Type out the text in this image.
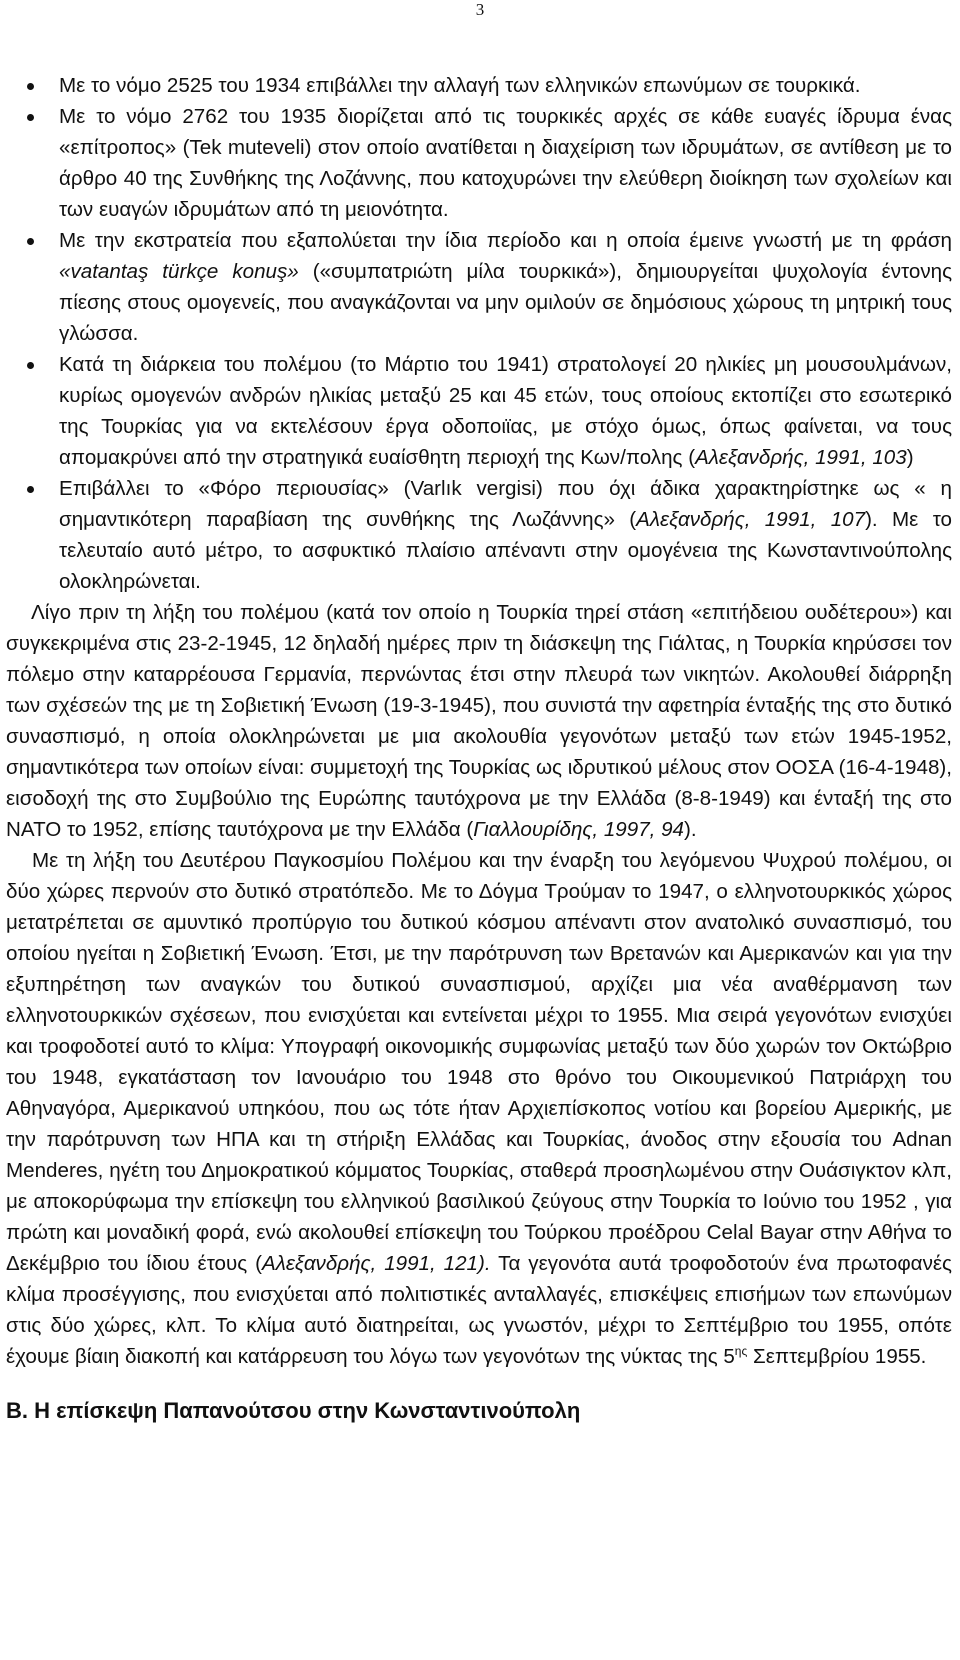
3
Με το νόμο 2525 του 1934 επιβάλλει την αλλαγή των ελληνικών επωνύμων σε τουρκικά.
Με το νόμο 2762 του 1935 διορίζεται από τις τουρκικές αρχές σε κάθε ευαγές ίδρυμα ένας «επίτροπος» (Tek muteveli) στον οποίο ανατίθεται η διαχείριση των ιδρυμάτων, σε αντίθεση με το άρθρο 40 της Συνθήκης της Λοζάννης, που κατοχυρώνει την ελεύθερη διοίκηση των σχολείων και των ευαγών ιδρυμάτων από τη μειονότητα.
Με την εκστρατεία που εξαπολύεται την ίδια περίοδο και η οποία έμεινε γνωστή με τη φράση «vatantaş türkçe konuş» («συμπατριώτη μίλα τουρκικά»), δημιουργείται ψυχολογία έντονης πίεσης στους ομογενείς, που αναγκάζονται να μην ομιλούν σε δημόσιους χώρους τη μητρική τους γλώσσα.
Κατά τη διάρκεια του πολέμου (το Μάρτιο του 1941) στρατολογεί 20 ηλικίες μη μουσουλμάνων, κυρίως ομογενών ανδρών ηλικίας μεταξύ 25 και 45 ετών, τους οποίους εκτοπίζει στο εσωτερικό της Τουρκίας για να εκτελέσουν έργα οδοποιϊας, με στόχο όμως, όπως φαίνεται, να τους απομακρύνει από την στρατηγικά ευαίσθητη περιοχή της Κων/πολης (Αλεξανδρής, 1991, 103)
Επιβάλλει το «Φόρο περιουσίας» (Varlık vergisi) που όχι άδικα χαρακτηρίστηκε ως « η σημαντικότερη παραβίαση της συνθήκης της Λωζάννης» (Αλεξανδρής, 1991, 107). Με το τελευταίο αυτό μέτρο, το ασφυκτικό πλαίσιο απέναντι στην ομογένεια της Κωνσταντινούπολης ολοκληρώνεται.

Λίγο πριν τη λήξη του πολέμου (κατά τον οποίο η Τουρκία τηρεί στάση «επιτήδειου ουδέτερου») και συγκεκριμένα στις 23-2-1945, 12 δηλαδή ημέρες πριν τη διάσκεψη της Γιάλτας, η Τουρκία κηρύσσει τον πόλεμο στην καταρρέουσα Γερμανία, περνώντας έτσι στην πλευρά των νικητών. Ακολουθεί διάρρηξη των σχέσεών της με τη Σοβιετική Ένωση (19-3-1945), που συνιστά την αφετηρία ένταξής της στο δυτικό συνασπισμό, η οποία ολοκληρώνεται με μια ακολουθία γεγονότων μεταξύ των ετών 1945-1952, σημαντικότερα των οποίων είναι: συμμετοχή της Τουρκίας ως ιδρυτικού μέλους στον ΟΟΣΑ (16-4-1948), εισοδοχή της στο Συμβούλιο της Ευρώπης ταυτόχρονα με την Ελλάδα (8-8-1949) και ένταξή της στο ΝΑΤΟ το 1952, επίσης ταυτόχρονα με την Ελλάδα (Γιαλλουρίδης, 1997, 94).

Με τη λήξη του Δευτέρου Παγκοσμίου Πολέμου και την έναρξη του λεγόμενου Ψυχρού πολέμου, οι δύο χώρες περνούν στο δυτικό στρατόπεδο. Με το Δόγμα Τρούμαν το 1947, ο ελληνοτουρκικός χώρος μετατρέπεται σε αμυντικό προπύργιο του δυτικού κόσμου απέναντι στον ανατολικό συνασπισμό, του οποίου ηγείται η Σοβιετική Ένωση. Έτσι, με την παρότρυνση των Βρετανών και Αμερικανών και για την εξυπηρέτηση των αναγκών του δυτικού συνασπισμού, αρχίζει μια νέα αναθέρμανση των ελληνοτουρκικών σχέσεων, που ενισχύεται και εντείνεται μέχρι το 1955. Μια σειρά γεγονότων ενισχύει και τροφοδοτεί αυτό το κλίμα: Υπογραφή οικονομικής συμφωνίας μεταξύ των δύο χωρών τον Οκτώβριο του 1948, εγκατάσταση τον Ιανουάριο του 1948 στο θρόνο του Οικουμενικού Πατριάρχη του Αθηναγόρα, Αμερικανού υπηκόου, που ως τότε ήταν Αρχιεπίσκοπος νοτίου και βορείου Αμερικής, με την παρότρυνση των ΗΠΑ και τη στήριξη Ελλάδας και Τουρκίας, άνοδος στην εξουσία του Adnan Menderes, ηγέτη του Δημοκρατικού κόμματος Τουρκίας, σταθερά προσηλωμένου στην Ουάσιγκτον κλπ, με αποκορύφωμα την επίσκεψη του ελληνικού βασιλικού ζεύγους στην Τουρκία το Ιούνιο του 1952 , για πρώτη και μοναδική φορά, ενώ ακολουθεί επίσκεψη του Τούρκου προέδρου Celal Bayar στην Αθήνα το Δεκέμβριο του ίδιου έτους (Αλεξανδρής, 1991, 121). Τα γεγονότα αυτά τροφοδοτούν ένα πρωτοφανές κλίμα προσέγγισης, που ενισχύεται από πολιτιστικές ανταλλαγές, επισκέψεις επισήμων των επωνύμων στις δύο χώρες, κλπ. Το κλίμα αυτό διατηρείται, ως γνωστόν, μέχρι το Σεπτέμβριο του 1955, οπότε έχουμε βίαιη διακοπή και κατάρρευση του λόγω των γεγονότων της νύκτας της $5^{\eta\varsigma}$ Σεπτεμβρίου 1955.

Β. Η επίσκεψη Παπανούτσου στην Κωνσταντινούπολη
